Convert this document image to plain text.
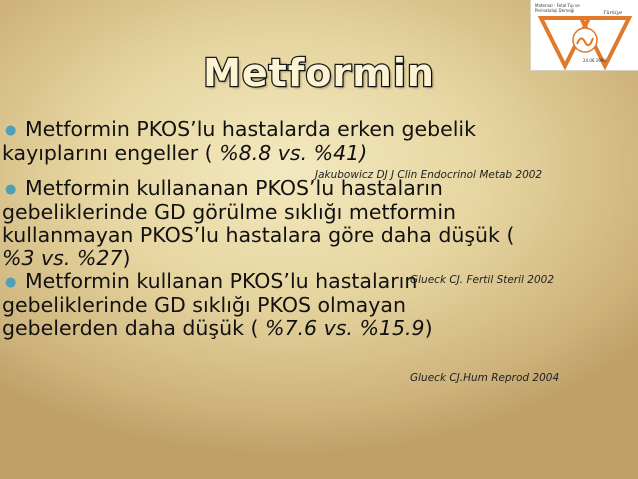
Maternal - Fetal Tıp ve Perinatoloji Derneği	Türkiye
24.06.1998
Metformin
● Metformin PKOS’lu hastalarda erken gebelik
kayıplarını engeller ( %8.8 vs. %41)
● Metformin kullananan PKOS’lu hastaların
gebeliklerinde GD görülme sıklığı metformin
kullanmayan PKOS’lu hastalara göre daha düşük (
%3 vs. %27)
● Metformin kullanan PKOS’lu hastaların
gebeliklerinde GD sıklığı PKOS olmayan
gebelerden daha düşük ( %7.6 vs. %15.9)
Jakubowicz DJ J Clin Endocrinol Metab 2002
Glueck CJ. Fertil Steril 2002
Glueck CJ.Hum Reprod 2004
